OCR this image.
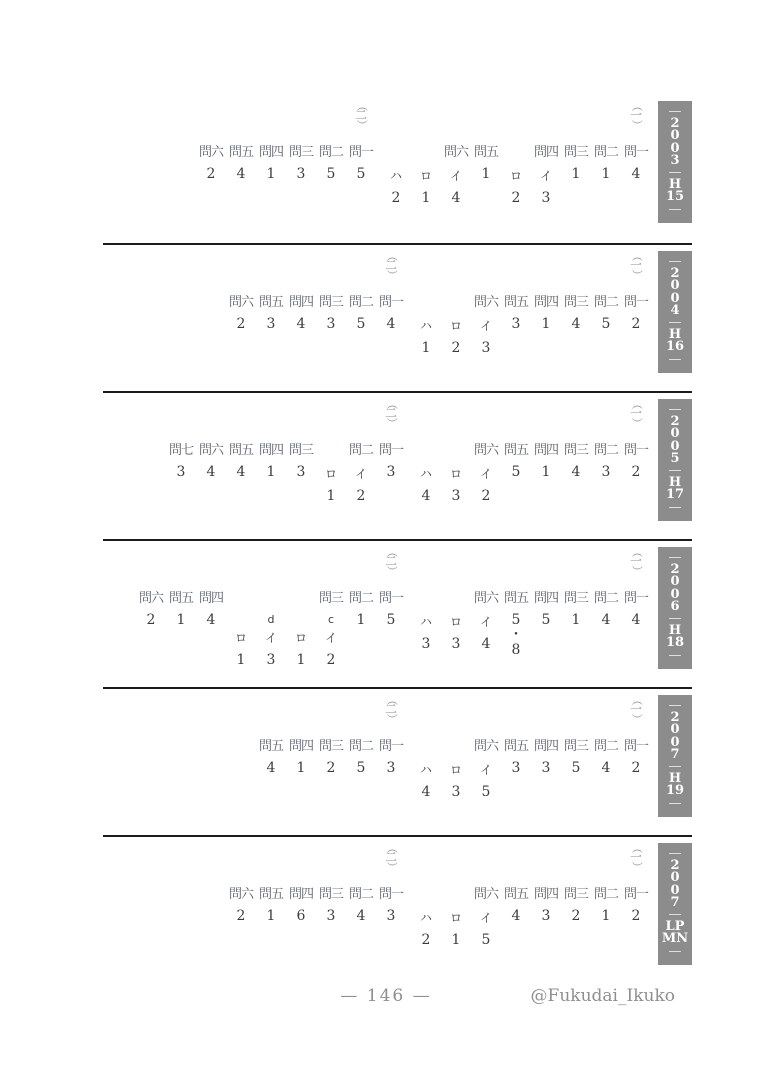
—
2
0
0
3
—
H
15
—
（
一
）
問一
4
問二
1
問三
1
問四
イ
3
ロ
2
問五
1
問六
イ
4
ロ
1
ハ
2
（
二
）
問一
5
問二
5
問三
3
問四
1
問五
4
問六
2
—
2
0
0
4
—
H
16
—
（
一
）
問一
2
問二
5
問三
4
問四
1
問五
3
問六
イ
3
ロ
2
ハ
1
（
二
）
問一
4
問二
5
問三
3
問四
4
問五
3
問六
2
—
2
0
0
5
—
H
17
—
（
一
）
問一
2
問二
3
問三
4
問四
1
問五
5
問六
イ
2
ロ
3
ハ
4
（
二
）
問一
3
問二
イ
2
ロ
1
問三
3
問四
1
問五
4
問六
4
問七
3
—
2
0
0
6
—
H
18
—
（
一
）
問一
4
問二
4
問三
1
問四
5
問五
5
・
8
問六
イ
4
ロ
3
ハ
3
（
二
）
問一
5
問二
1
問三
c
イ
2
ロ
1
d
イ
3
ロ
1
問四
4
問五
1
問六
2
—
2
0
0
7
—
H
19
—
（
一
）
問一
2
問二
4
問三
5
問四
3
問五
3
問六
イ
5
ロ
3
ハ
4
（
二
）
問一
3
問二
5
問三
2
問四
1
問五
4
—
2
0
0
7
—
LP
MN
—
（
一
）
問一
2
問二
1
問三
2
問四
3
問五
4
問六
イ
5
ロ
1
ハ
2
（
二
）
問一
3
問二
4
問三
3
問四
6
問五
1
問六
2
— 146 —	@Fukudai_Ikuko
